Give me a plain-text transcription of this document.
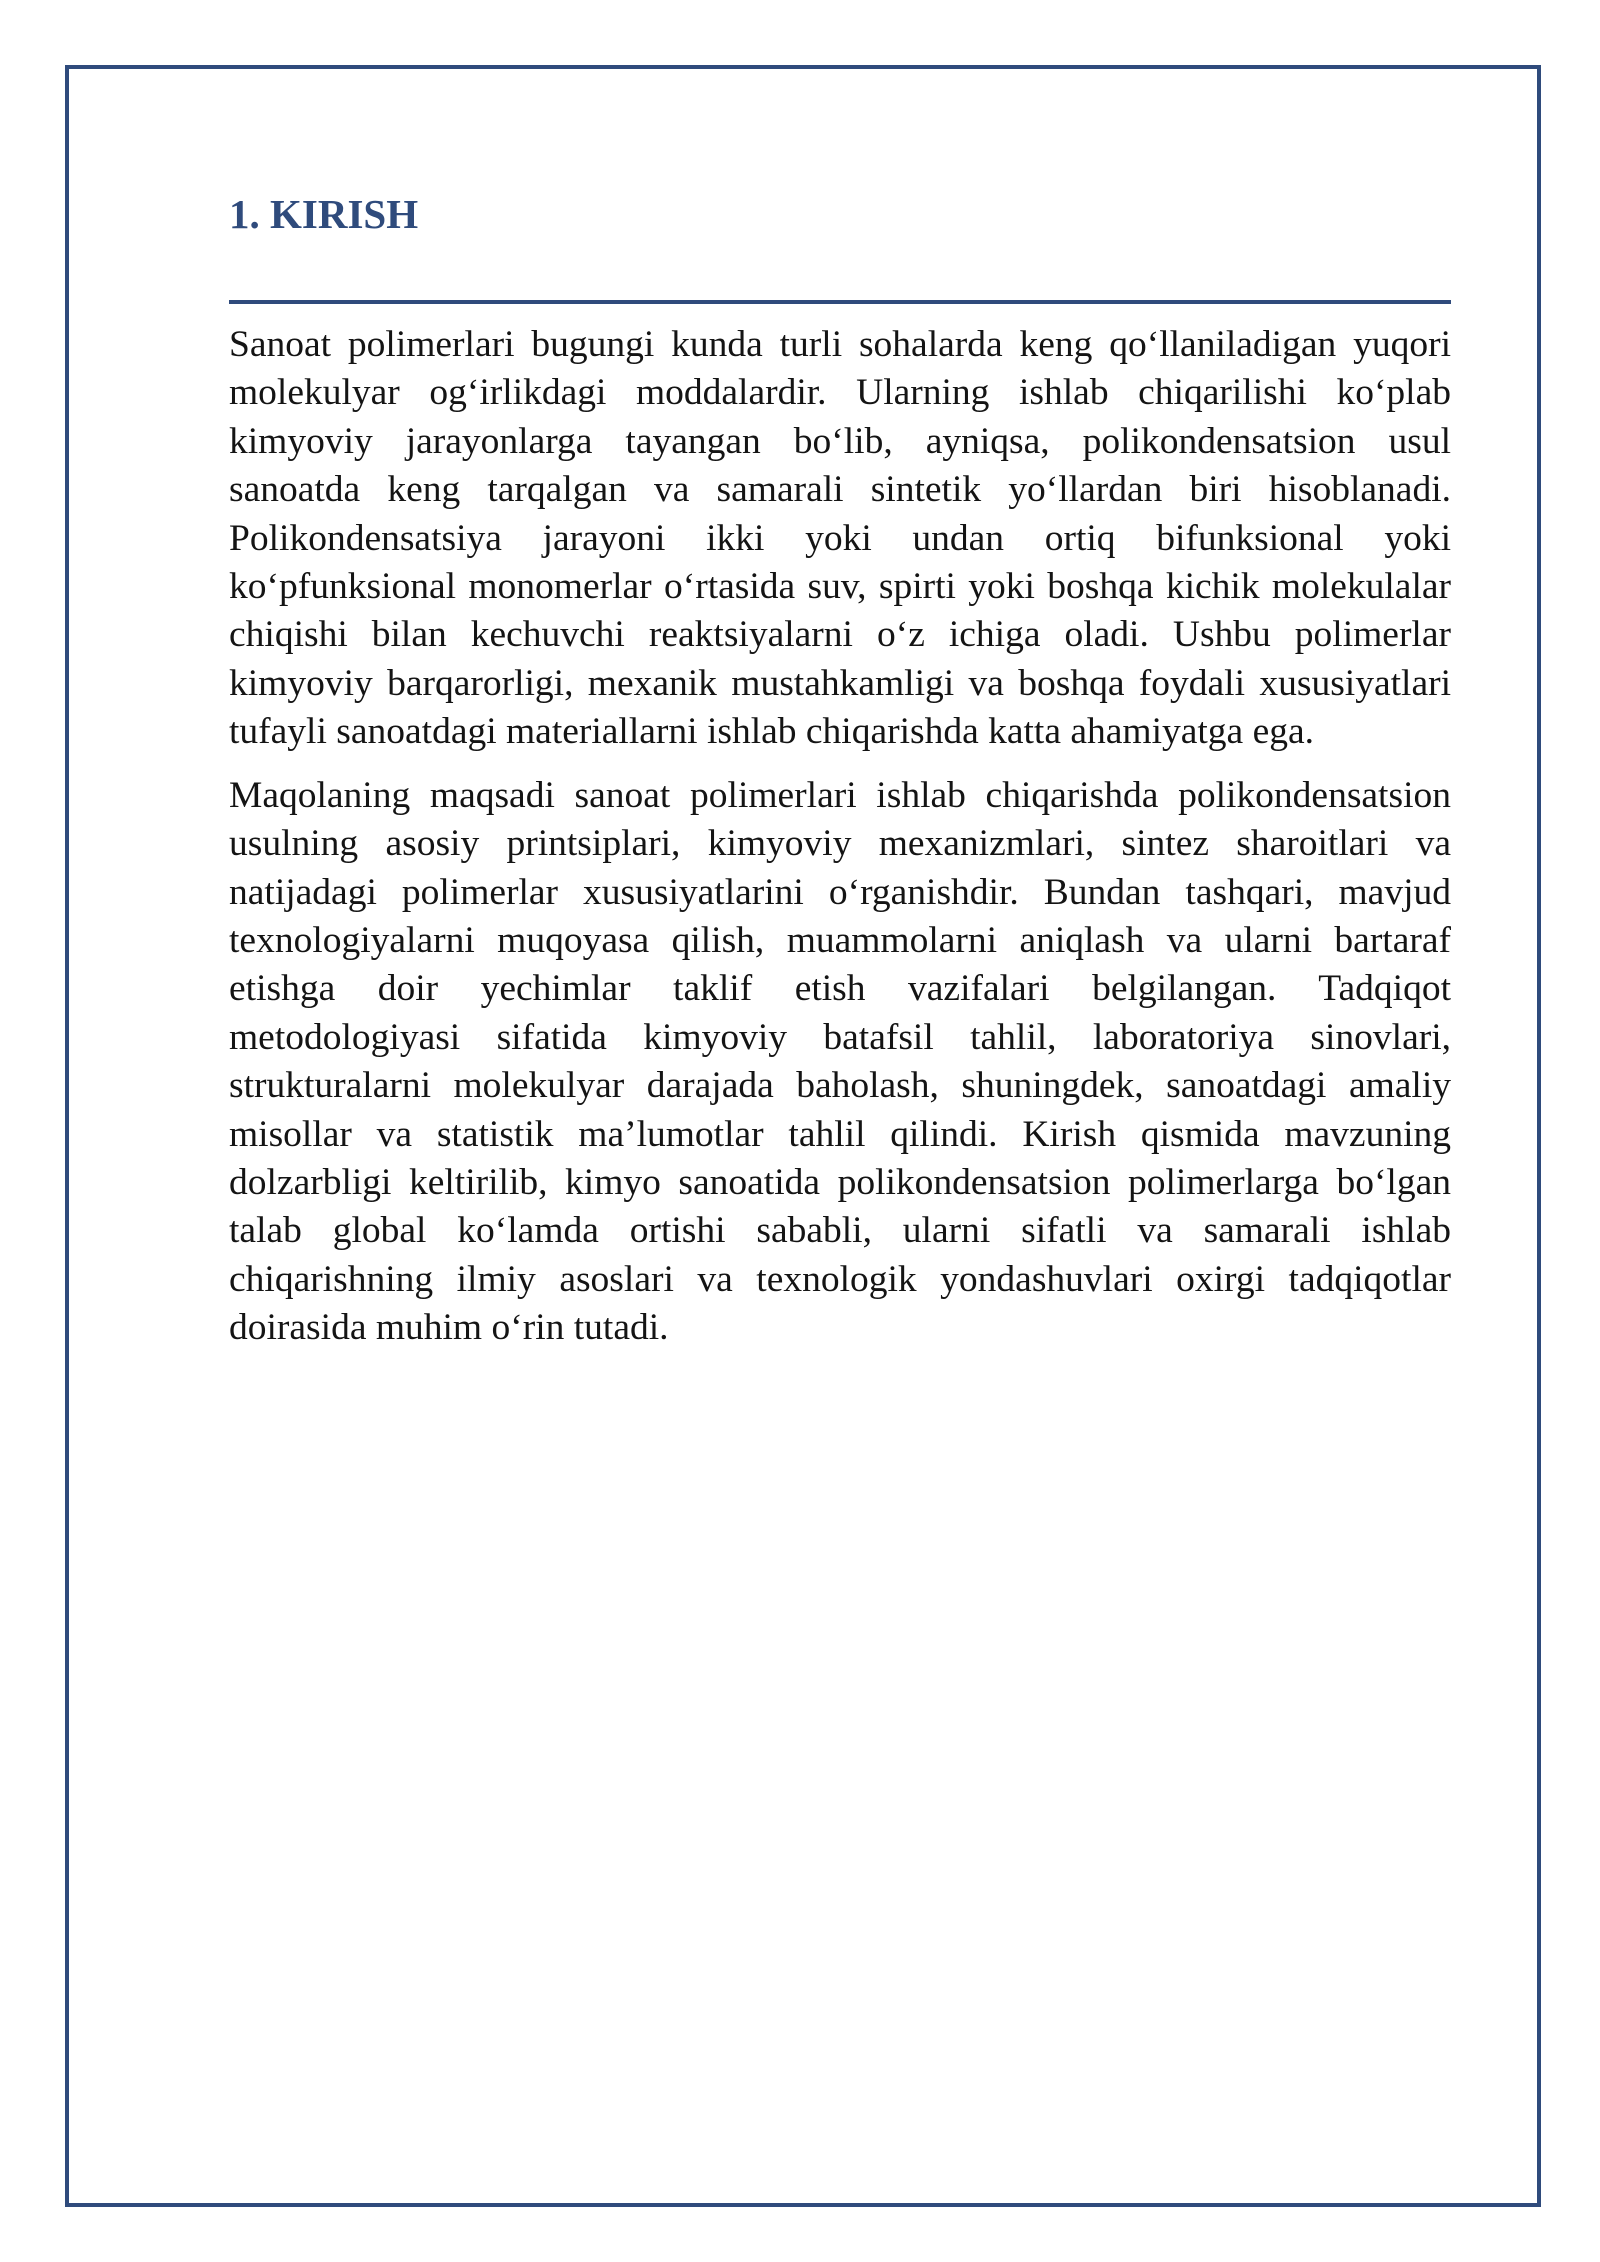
1. KIRISH
Sanoat polimerlari bugungi kunda turli sohalarda keng qo‘llaniladigan yuqori
molekulyar og‘irlikdagi moddalardir. Ularning ishlab chiqarilishi ko‘plab
kimyoviy jarayonlarga tayangan bo‘lib, ayniqsa, polikondensatsion usul
sanoatda keng tarqalgan va samarali sintetik yo‘llardan biri hisoblanadi.
Polikondensatsiya jarayoni ikki yoki undan ortiq bifunksional yoki
ko‘pfunksional monomerlar o‘rtasida suv, spirti yoki boshqa kichik molekulalar
chiqishi bilan kechuvchi reaktsiyalarni o‘z ichiga oladi. Ushbu polimerlar
kimyoviy barqarorligi, mexanik mustahkamligi va boshqa foydali xususiyatlari
tufayli sanoatdagi materiallarni ishlab chiqarishda katta ahamiyatga ega.
Maqolaning maqsadi sanoat polimerlari ishlab chiqarishda polikondensatsion
usulning asosiy printsiplari, kimyoviy mexanizmlari, sintez sharoitlari va
natijadagi polimerlar xususiyatlarini o‘rganishdir. Bundan tashqari, mavjud
texnologiyalarni muqoyasa qilish, muammolarni aniqlash va ularni bartaraf
etishga doir yechimlar taklif etish vazifalari belgilangan. Tadqiqot
metodologiyasi sifatida kimyoviy batafsil tahlil, laboratoriya sinovlari,
strukturalarni molekulyar darajada baholash, shuningdek, sanoatdagi amaliy
misollar va statistik ma’lumotlar tahlil qilindi. Kirish qismida mavzuning
dolzarbligi keltirilib, kimyo sanoatida polikondensatsion polimerlarga bo‘lgan
talab global ko‘lamda ortishi sababli, ularni sifatli va samarali ishlab
chiqarishning ilmiy asoslari va texnologik yondashuvlari oxirgi tadqiqotlar
doirasida muhim o‘rin tutadi.
